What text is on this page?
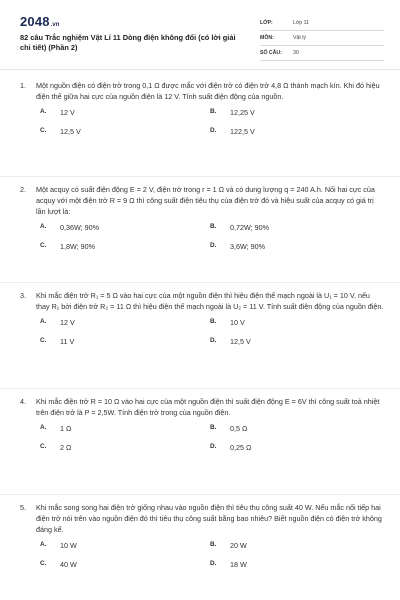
2048 .vn
82 câu Trắc nghiệm Vật Lí 11 Dòng điện không đổi (có lời giải chi tiết) (Phần 2)
LỚP:	Lớp 11
MÔN:	Vật lý
SỐ CÂU:	30
1.	Một nguồn điện có điện trở trong 0,1 Ω được mắc với điện trở có điện trở 4,8 Ω thành mạch kín. Khi đó hiệu điện thế giữa hai cực của nguồn điện là 12 V. Tính suất điện động của nguồn.
A.	12 V	B.	12,25 V
C.	12,5 V	D.	122,5 V
2.	Một acquy có suất điện động E = 2 V, điện trở trong r = 1 Ω và có dung lượng q = 240 A.h. Nối hai cực của acquy với một điện trở R = 9 Ω thì công suất điện tiêu thụ của điện trở đó và hiệu suất của acquy có giá trị lần lượt là:
A.	0,36W; 90%	B.	0,72W; 90%
C.	1,8W; 90%	D.	3,6W; 90%
3.	Khi mắc điện trở R₁ = 5 Ω vào hai cực của một nguồn điện thì hiệu điện thế mạch ngoài là U₁ = 10 V, nếu thay R₁ bởi điện trở R₂ = 11 Ω thì hiệu điện thế mạch ngoài là U₂ = 11 V. Tính suất điện động của nguồn điện.
A.	12 V	B.	10 V
C.	11 V	D.	12,5 V
4.	Khi mắc điện trở R = 10 Ω vào hai cực của một nguồn điện thì suất điện động E = 6V thì công suất toả nhiệt trên điện trở là P = 2,5W. Tính điện trở trong của nguồn điện.
A.	1 Ω	B.	0,5 Ω
C.	2 Ω	D.	0,25 Ω
5.	Khi mắc song song hai điện trở giống nhau vào nguồn điện thì tiêu thụ công suất 40 W. Nếu mắc nối tiếp hai điện trở nói trên vào nguồn điện đó thì tiêu thụ công suất bằng bao nhiêu? Biết nguồn điện có điện trở không đáng kể.
A.	10 W	B.	20 W
C.	40 W	D.	18 W
